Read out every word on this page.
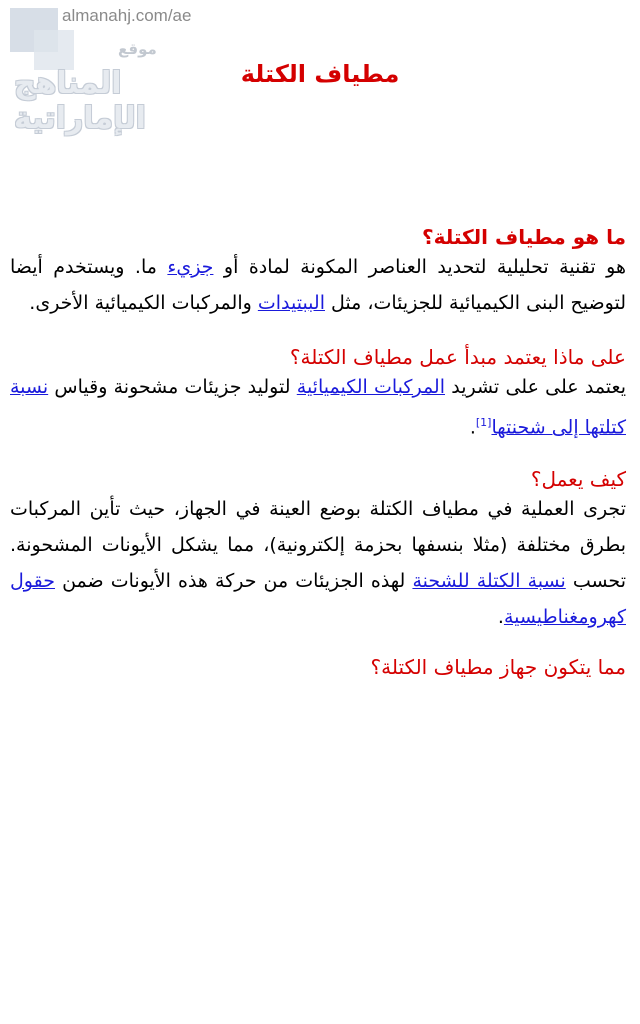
almanahj.com/ae
موقع
المناهج الإماراتية
مطياف الكتلة
ما هو مطياف الكتلة؟

هو تقنية تحليلية لتحديد العناصر المكونة لمادة أو جزيء ما. ويستخدم أيضا لتوضيح البنى الكيميائية للجزيئات، مثل الببتيدات والمركبات الكيميائية الأخرى.

على ماذا يعتمد مبدأ عمل مطياف الكتلة؟

يعتمد على على تشريد المركبات الكيميائية لتوليد جزيئات مشحونة وقياس نسبة كتلتها إلى شحنتها[1].

كيف يعمل؟

تجرى العملية في مطياف الكتلة بوضع العينة في الجهاز، حيث تأين المركبات بطرق مختلفة (مثلا بنسفها بحزمة إلكترونية)، مما يشكل الأيونات المشحونة. تحسب نسبة الكتلة للشحنة لهذه الجزيئات من حركة هذه الأيونات ضمن حقول كهرومغناطيسية.

مما يتكون جهاز مطياف الكتلة؟
